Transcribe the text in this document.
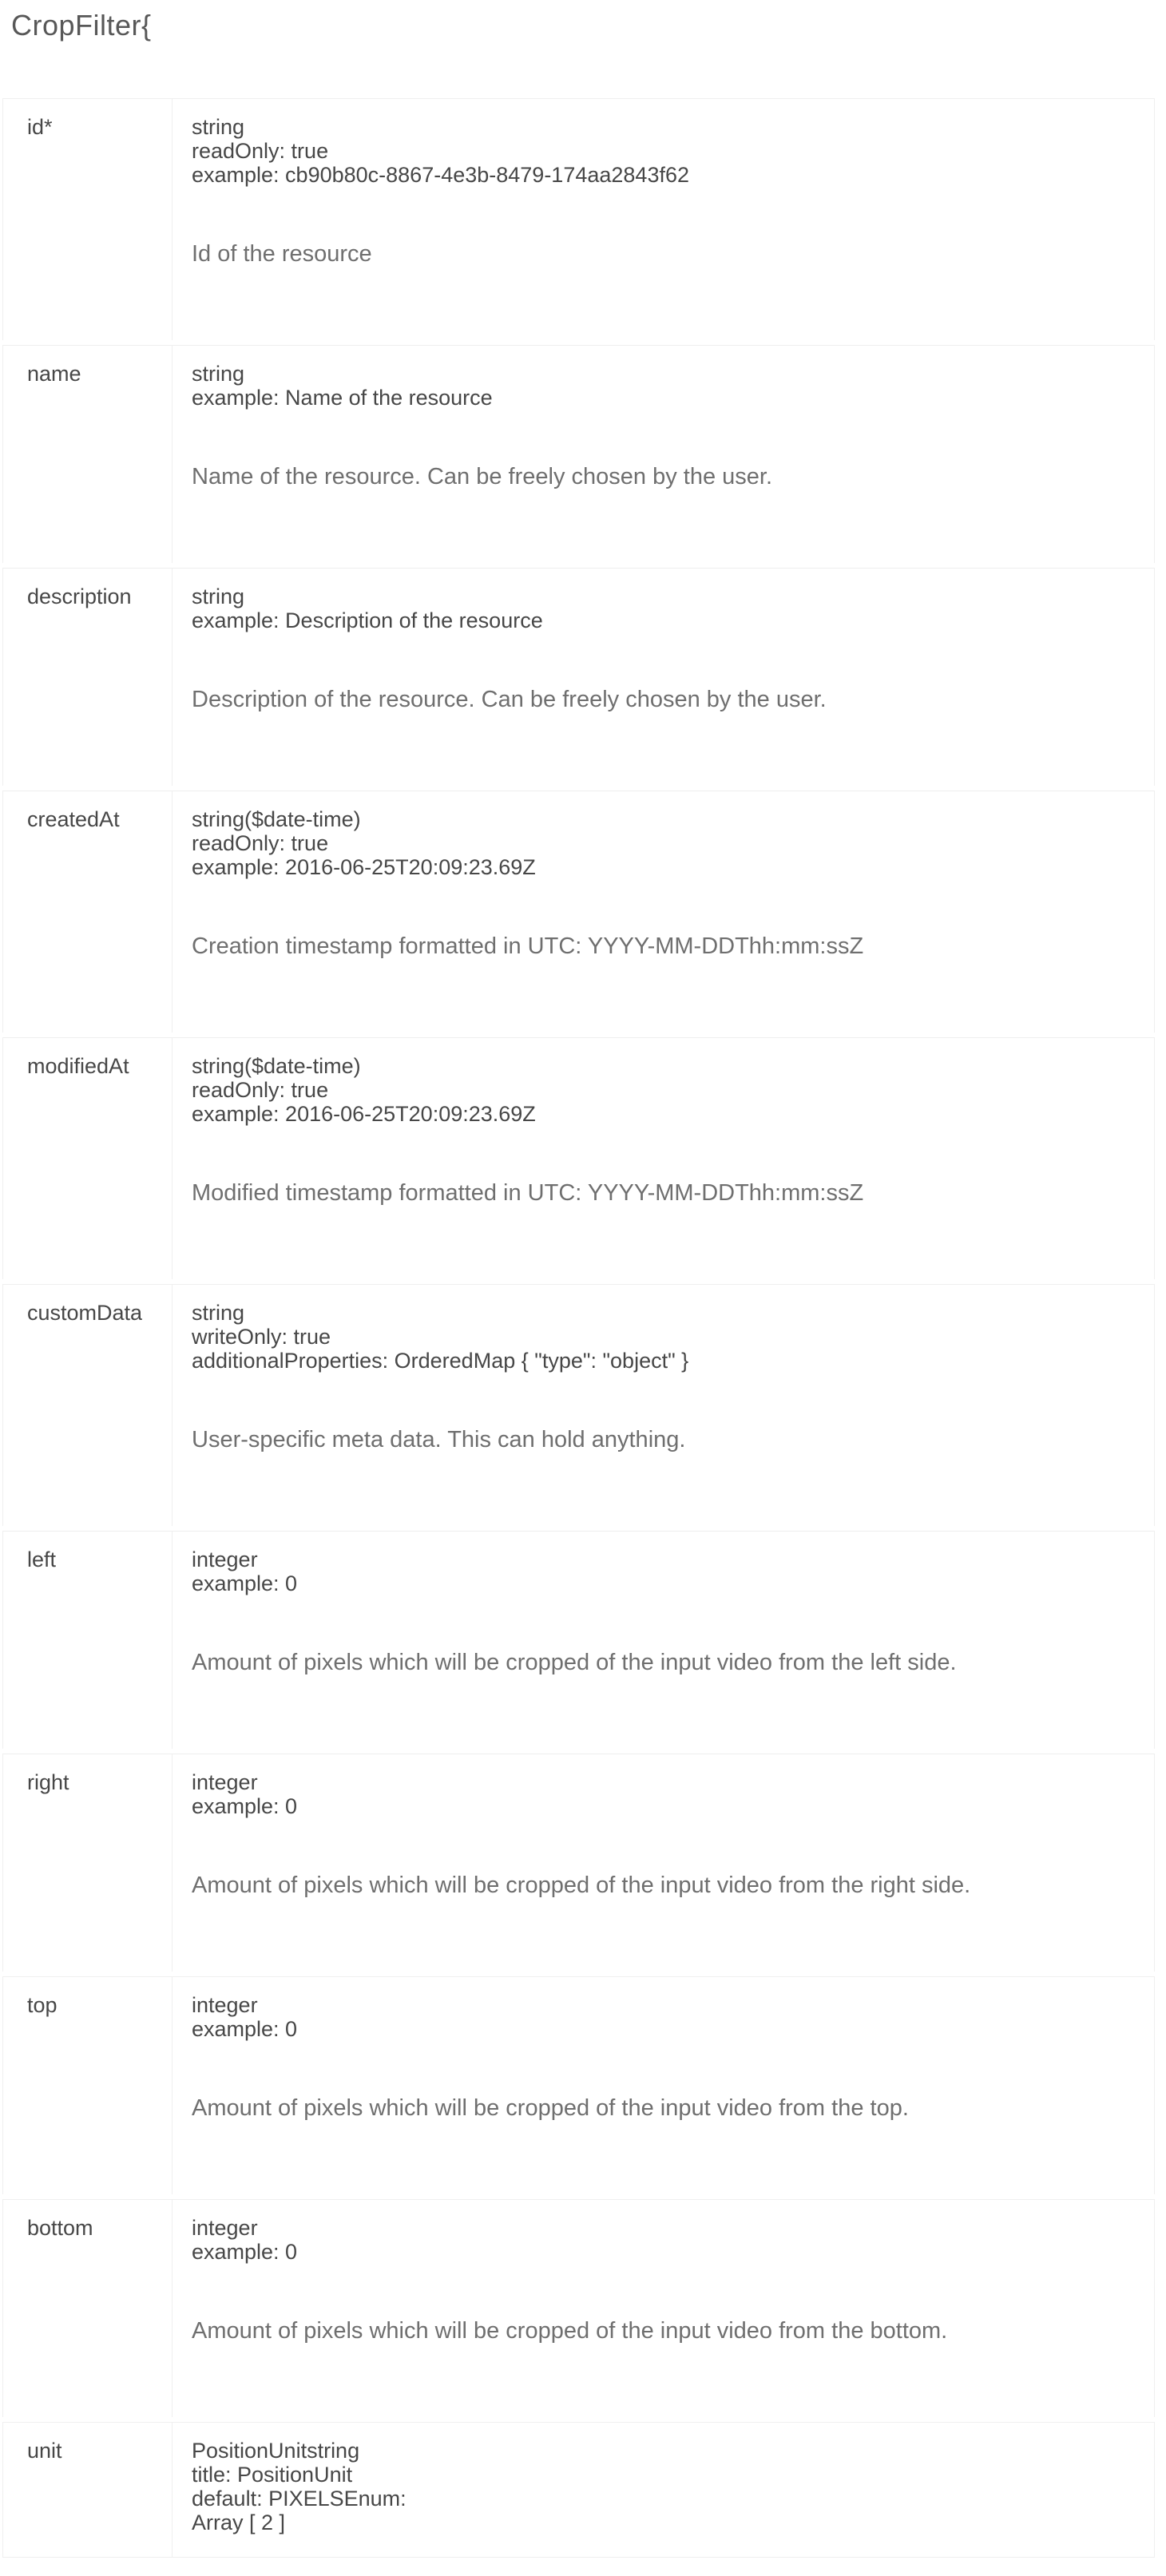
CropFilter{
id*	string
readOnly: true
example: cb90b80c-8867-4e3b-8479-174aa2843f62
Id of the resource

name	string
example: Name of the resource
Name of the resource. Can be freely chosen by the user.

description	string
example: Description of the resource
Description of the resource. Can be freely chosen by the user.

createdAt	string($date-time)
readOnly: true
example: 2016-06-25T20:09:23.69Z
Creation timestamp formatted in UTC: YYYY-MM-DDThh:mm:ssZ

modifiedAt	string($date-time)
readOnly: true
example: 2016-06-25T20:09:23.69Z
Modified timestamp formatted in UTC: YYYY-MM-DDThh:mm:ssZ

customData	string
writeOnly: true
additionalProperties: OrderedMap { "type": "object" }
User-specific meta data. This can hold anything.

left	integer
example: 0
Amount of pixels which will be cropped of the input video from the left side.

right	integer
example: 0
Amount of pixels which will be cropped of the input video from the right side.

top	integer
example: 0
Amount of pixels which will be cropped of the input video from the top.

bottom	integer
example: 0
Amount of pixels which will be cropped of the input video from the bottom.

unit	PositionUnitstring
title: PositionUnit
default: PIXELSEnum:
Array [ 2 ]
